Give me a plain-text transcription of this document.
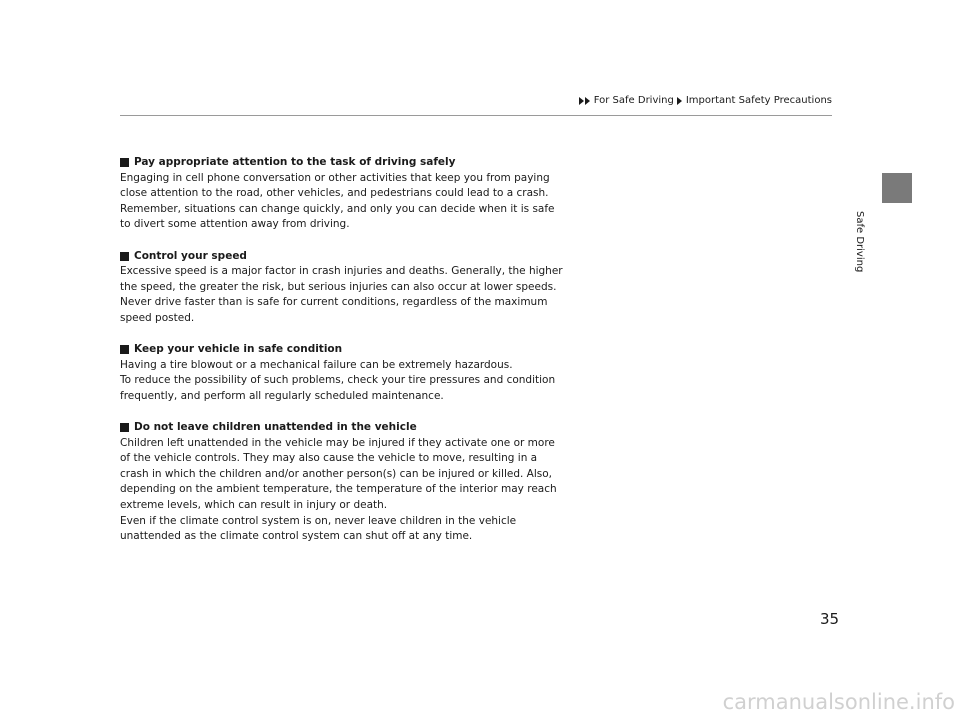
For Safe Driving Important Safety Precautions
Safe Driving
Pay appropriate attention to the task of driving safely

Engaging in cell phone conversation or other activities that keep you from paying close attention to the road, other vehicles, and pedestrians could lead to a crash. Remember, situations can change quickly, and only you can decide when it is safe to divert some attention away from driving.

Control your speed

Excessive speed is a major factor in crash injuries and deaths. Generally, the higher the speed, the greater the risk, but serious injuries can also occur at lower speeds. Never drive faster than is safe for current conditions, regardless of the maximum speed posted.

Keep your vehicle in safe condition

Having a tire blowout or a mechanical failure can be extremely hazardous.

To reduce the possibility of such problems, check your tire pressures and condition frequently, and perform all regularly scheduled maintenance.

Do not leave children unattended in the vehicle

Children left unattended in the vehicle may be injured if they activate one or more of the vehicle controls. They may also cause the vehicle to move, resulting in a crash in which the children and/or another person(s) can be injured or killed. Also, depending on the ambient temperature, the temperature of the interior may reach extreme levels, which can result in injury or death.

Even if the climate control system is on, never leave children in the vehicle unattended as the climate control system can shut off at any time.

35
carmanualsonline.info
